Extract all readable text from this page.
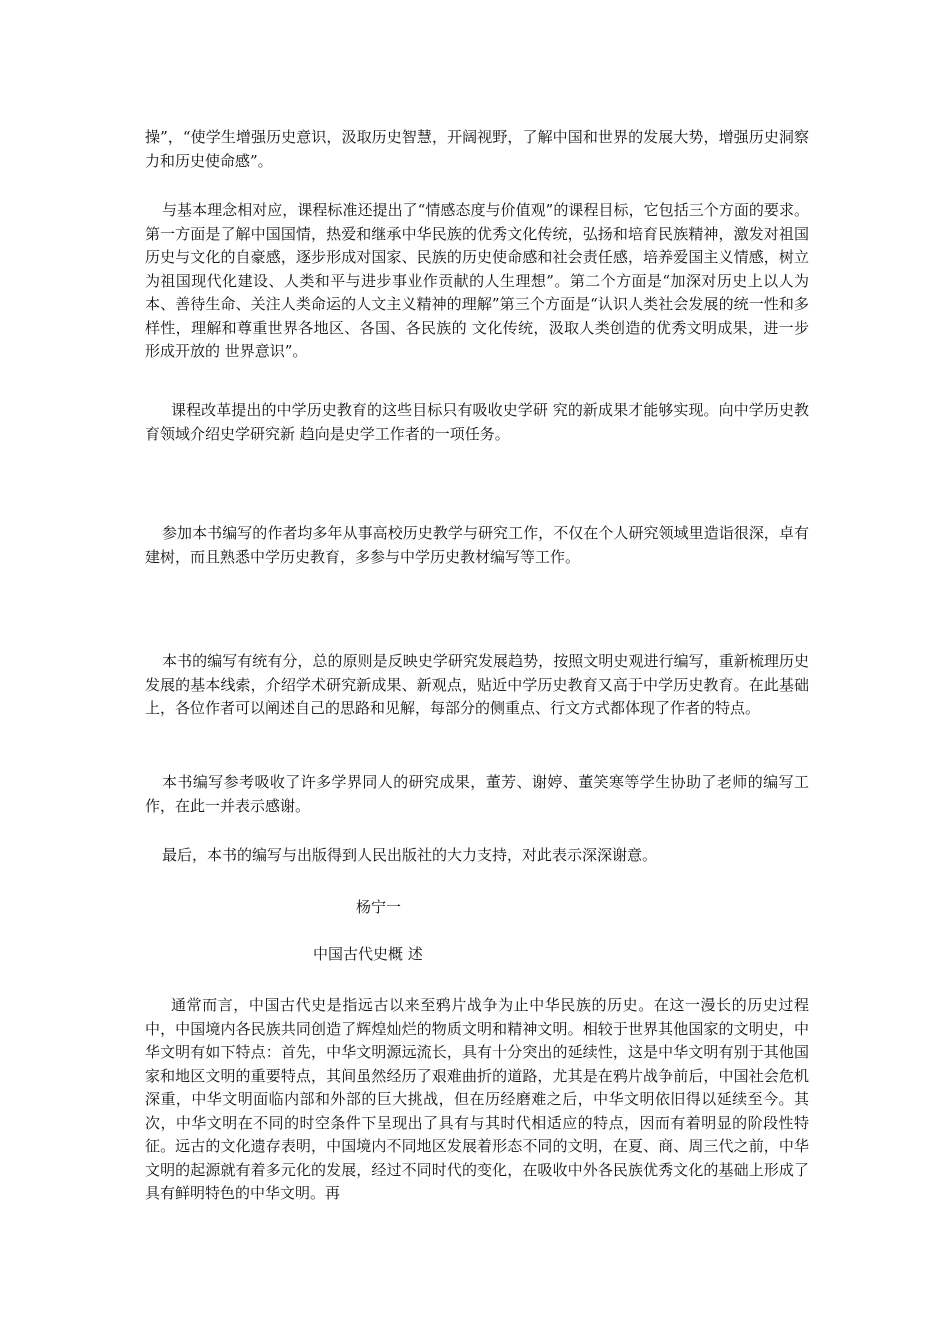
操”，“使学生增强历史意识，汲取历史智慧，开阔视野，了解中国和世界的发展大势，增强历史洞察力和历史使命感”。

与基本理念相对应，课程标准还提出了“情感态度与价值观”的课程目标，它包括三个方面的要求。第一方面是了解中国国情，热爱和继承中华民族的优秀文化传统，弘扬和培育民族精神，激发对祖国历史与文化的自豪感，逐步形成对国家、民族的历史使命感和社会责任感，培养爱国主义情感，树立为祖国现代化建设、人类和平与进步事业作贡献的人生理想”。第二个方面是“加深对历史上以人为本、善待生命、关注人类命运的人文主义精神的理解”第三个方面是“认识人类社会发展的统一性和多样性，理解和尊重世界各地区、各国、各民族的 文化传统，汲取人类创造的优秀文明成果，进一步形成开放的 世界意识”。

课程改革提出的中学历史教育的这些目标只有吸收史学研 究的新成果才能够实现。向中学历史教育领域介绍史学研究新 趋向是史学工作者的一项任务。

参加本书编写的作者均多年从事高校历史教学与研究工作，不仅在个人研究领域里造诣很深，卓有建树，而且熟悉中学历史教育，多参与中学历史教材编写等工作。

本书的编写有统有分，总的原则是反映史学研究发展趋势，按照文明史观进行编写，重新梳理历史发展的基本线索，介绍学术研究新成果、新观点，贴近中学历史教育又高于中学历史教育。在此基础上，各位作者可以阐述自己的思路和见解，每部分的侧重点、行文方式都体现了作者的特点。

本书编写参考吸收了许多学界同人的研究成果，董芳、谢婷、董笑寒等学生协助了老师的编写工作，在此一并表示感谢。

最后，本书的编写与出版得到人民出版社的大力支持，对此表示深深谢意。

杨宁一

中国古代史概 述

通常而言，中国古代史是指远古以来至鸦片战争为止中华民族的历史。在这一漫长的历史过程中，中国境内各民族共同创造了辉煌灿烂的物质文明和精神文明。相较于世界其他国家的文明史，中华文明有如下特点：首先，中华文明源远流长，具有十分突出的延续性，这是中华文明有别于其他国家和地区文明的重要特点，其间虽然经历了艰难曲折的道路，尤其是在鸦片战争前后，中国社会危机深重，中华文明面临内部和外部的巨大挑战，但在历经磨难之后，中华文明依旧得以延续至今。其次，中华文明在不同的时空条件下呈现出了具有与其时代相适应的特点，因而有着明显的阶段性特征。远古的文化遗存表明，中国境内不同地区发展着形态不同的文明，在夏、商、周三代之前，中华文明的起源就有着多元化的发展，经过不同时代的变化，在吸收中外各民族优秀文化的基础上形成了具有鲜明特色的中华文明。再
